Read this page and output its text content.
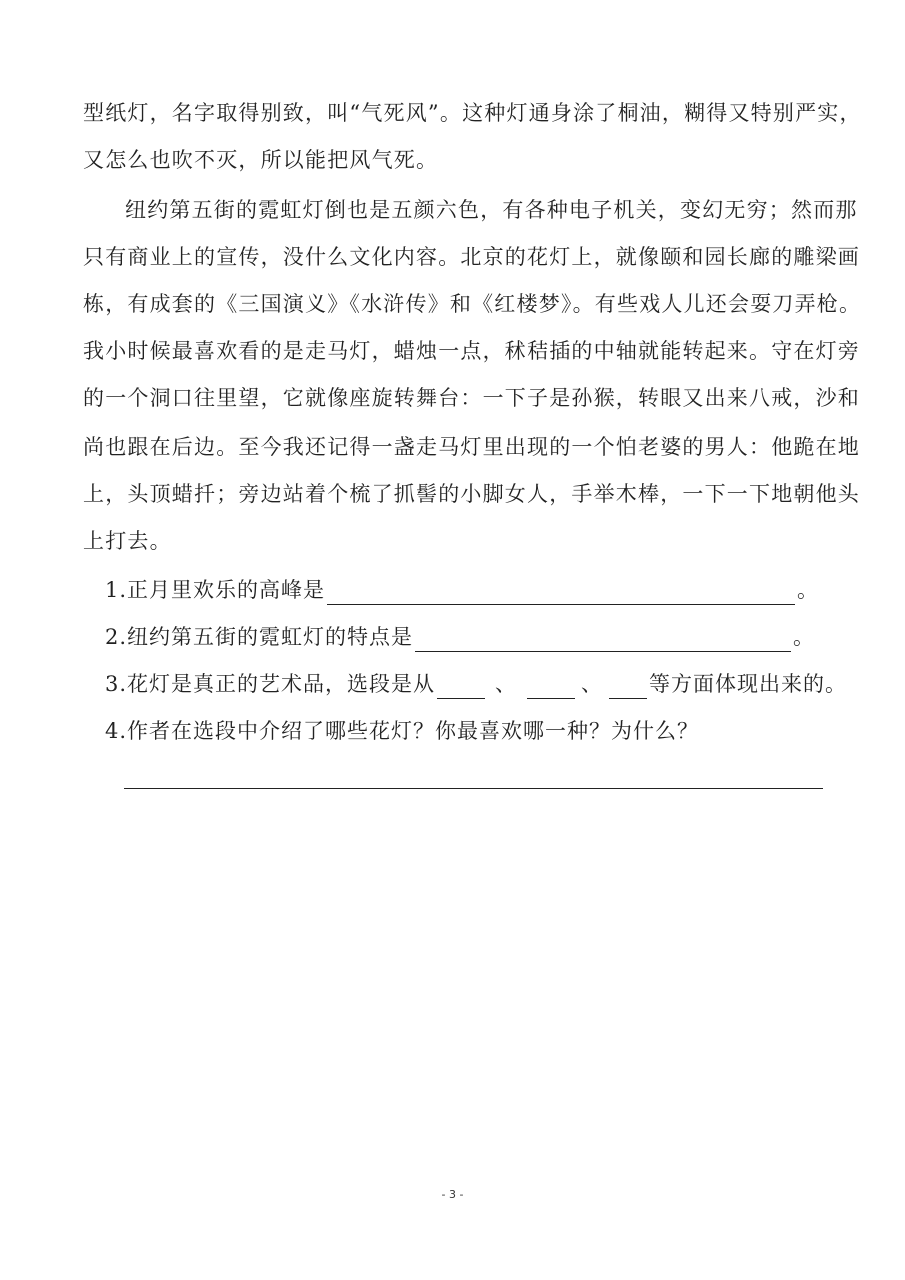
型纸灯，名字取得别致，叫“气死风”。这种灯通身涂了桐油，糊得又特别严实，
又怎么也吹不灭，所以能把风气死。
纽约第五街的霓虹灯倒也是五颜六色，有各种电子机关，变幻无穷；然而那
只有商业上的宣传，没什么文化内容。北京的花灯上，就像颐和园长廊的雕梁画
栋，有成套的《三国演义》《水浒传》和《红楼梦》。有些戏人儿还会耍刀弄枪。
我小时候最喜欢看的是走马灯，蜡烛一点，秫秸插的中轴就能转起来。守在灯旁
的一个洞口往里望，它就像座旋转舞台：一下子是孙猴，转眼又出来八戒，沙和
尚也跟在后边。至今我还记得一盏走马灯里出现的一个怕老婆的男人：他跪在地
上，头顶蜡扦；旁边站着个梳了抓髻的小脚女人，手举木棒，一下一下地朝他头
上打去。
1.正月里欢乐的高峰是	。
2.纽约第五街的霓虹灯的特点是	。
3.花灯是真正的艺术品，选段是从	、	、 等方面体现出来的。
4.作者在选段中介绍了哪些花灯？你最喜欢哪一种？为什么？
- 3 -
